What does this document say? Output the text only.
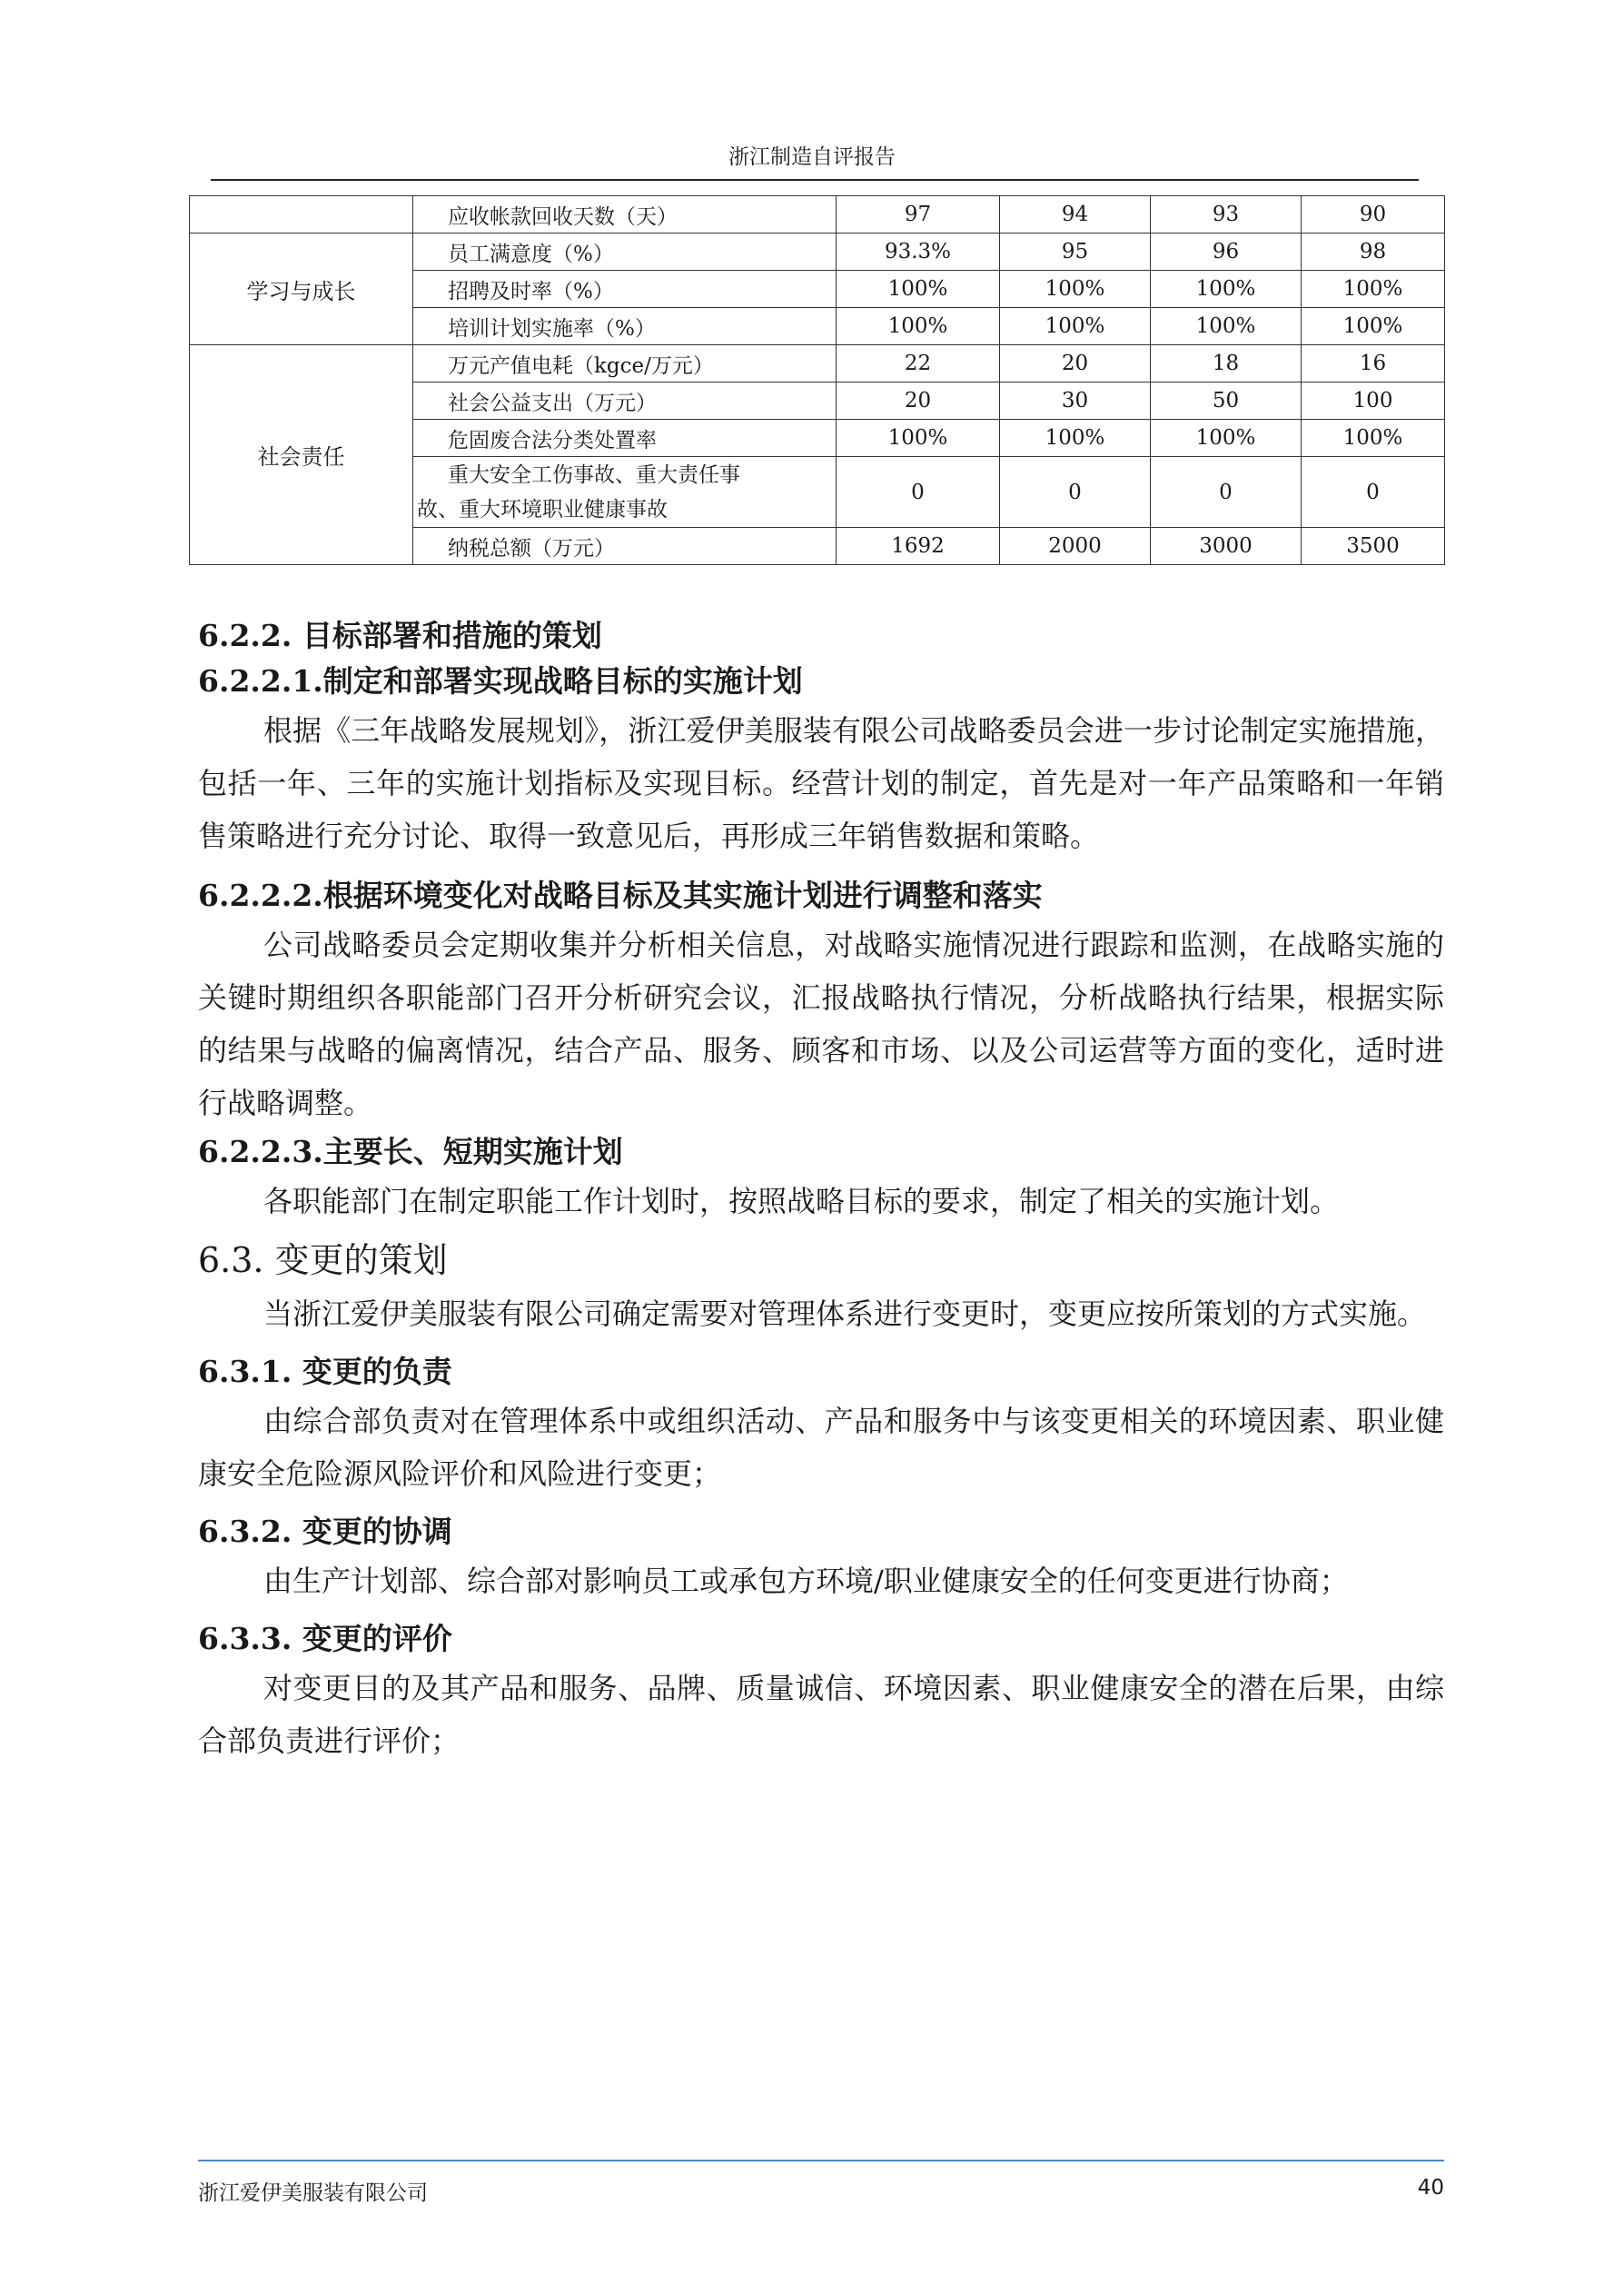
浙江制造自评报告
	应收帐款回收天数（天）	97	94	93	90
学习与成长	员工满意度（%）	93.3%	95	96	98
	招聘及时率（%）	100%	100%	100%	100%
	培训计划实施率（%）	100%	100%	100%	100%
社会责任	万元产值电耗（kgce/万元）	22	20	18	16
	社会公益支出（万元）	20	30	50	100
	危固废合法分类处置率	100%	100%	100%	100%

	重大安全工伤事故、重大责任事
故、重大环境职业健康事故	0	0	0	0
	纳税总额（万元）	1692	2000	3000	3500
6.2.2. 目标部署和措施的策划
6.2.2.1.制定和部署实现战略目标的实施计划

根据《三年战略发展规划》，浙江爱伊美服装有限公司战略委员会进一步讨论制定实施措施，包括一年、三年的实施计划指标及实现目标。经营计划的制定，首先是对一年产品策略和一年销售策略进行充分讨论、取得一致意见后，再形成三年销售数据和策略。

6.2.2.2.根据环境变化对战略目标及其实施计划进行调整和落实

公司战略委员会定期收集并分析相关信息，对战略实施情况进行跟踪和监测，在战略实施的关键时期组织各职能部门召开分析研究会议，汇报战略执行情况，分析战略执行结果，根据实际的结果与战略的偏离情况，结合产品、服务、顾客和市场、以及公司运营等方面的变化，适时进行战略调整。

6.2.2.3.主要长、短期实施计划

各职能部门在制定职能工作计划时，按照战略目标的要求，制定了相关的实施计划。

6.3. 变更的策划

当浙江爱伊美服装有限公司确定需要对管理体系进行变更时，变更应按所策划的方式实施。

6.3.1. 变更的负责

由综合部负责对在管理体系中或组织活动、产品和服务中与该变更相关的环境因素、职业健康安全危险源风险评价和风险进行变更；

6.3.2. 变更的协调

由生产计划部、综合部对影响员工或承包方环境/职业健康安全的任何变更进行协商；

6.3.3. 变更的评价

对变更目的及其产品和服务、品牌、质量诚信、环境因素、职业健康安全的潜在后果，由综合部负责进行评价；

浙江爱伊美服装有限公司	40
